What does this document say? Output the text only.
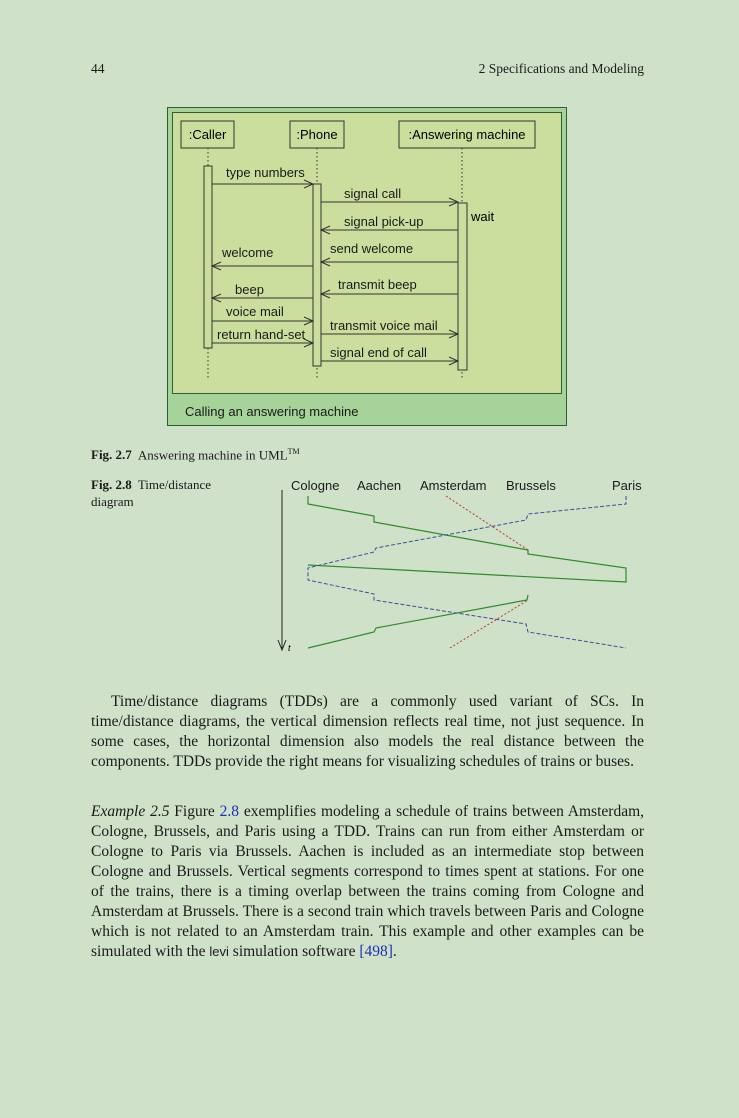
44	2 Specifications and Modeling
:Caller	:Phone	:Answering machine
wait
type numbers
signal call
signal pick-up
welcome	send welcome
transmit beep
beep
voice mail
transmit voice mail
return hand-set
signal end of call
Calling an answering machine
Fig. 2.7 Answering machine in UML™
Fig. 2.8 Time/distance diagram
Cologne Aachen Amsterdam Brussels	Paris
t
Time/distance diagrams (TDDs) are a commonly used variant of SCs. In time/distance diagrams, the vertical dimension reflects real time, not just sequence. In some cases, the horizontal dimension also models the real distance between the components. TDDs provide the right means for visualizing schedules of trains or buses.
Example 2.5 Figure 2.8 exemplifies modeling a schedule of trains between Amsterdam, Cologne, Brussels, and Paris using a TDD. Trains can run from either Amsterdam or Cologne to Paris via Brussels. Aachen is included as an intermediate stop between Cologne and Brussels. Vertical segments correspond to times spent at stations. For one of the trains, there is a timing overlap between the trains coming from Cologne and Amsterdam at Brussels. There is a second train which travels between Paris and Cologne which is not related to an Amsterdam train. This example and other examples can be simulated with the levi simulation software [498].
